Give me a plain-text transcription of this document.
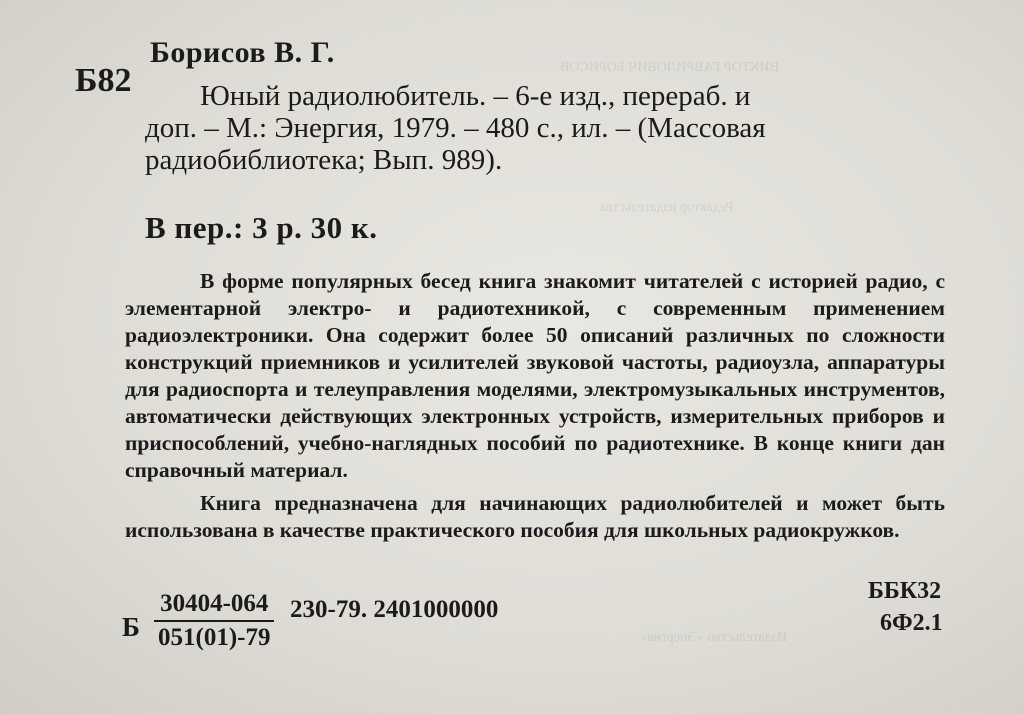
ВИКТОР ГАВРИЛОВИЧ БОРИСОВ
Редактор издательства
Издательство «Энергия»
Б82
Борисов В. Г.
Юный радиолюбитель. – 6-е изд., перераб. и
доп. – М.: Энергия, 1979. – 480 с., ил. – (Массовая
радиобиблиотека; Вып. 989).
В пер.: 3 р. 30 к.

В форме популярных бесед книга знакомит читателей с историей радио, с элементарной электро- и радиотехникой, с современным применением радиоэлектроники. Она содержит более 50 описаний различных по сложности конструкций приемников и усилителей звуковой частоты, радиоузла, аппаратуры для радиоспорта и телеуправления моделями, электромузыкальных инструментов, автоматически действующих электронных устройств, измерительных приборов и приспособлений, учебно-наглядных пособий по радиотехнике. В конце книги дан справочный материал.

Книга предназначена для начинающих радиолюбителей и может быть использована в качестве практического пособия для школьных радиокружков.

Б $\frac{30404-064}{051(01)-79} 230-79$. 2401000000
ББК32
6Ф2.1
